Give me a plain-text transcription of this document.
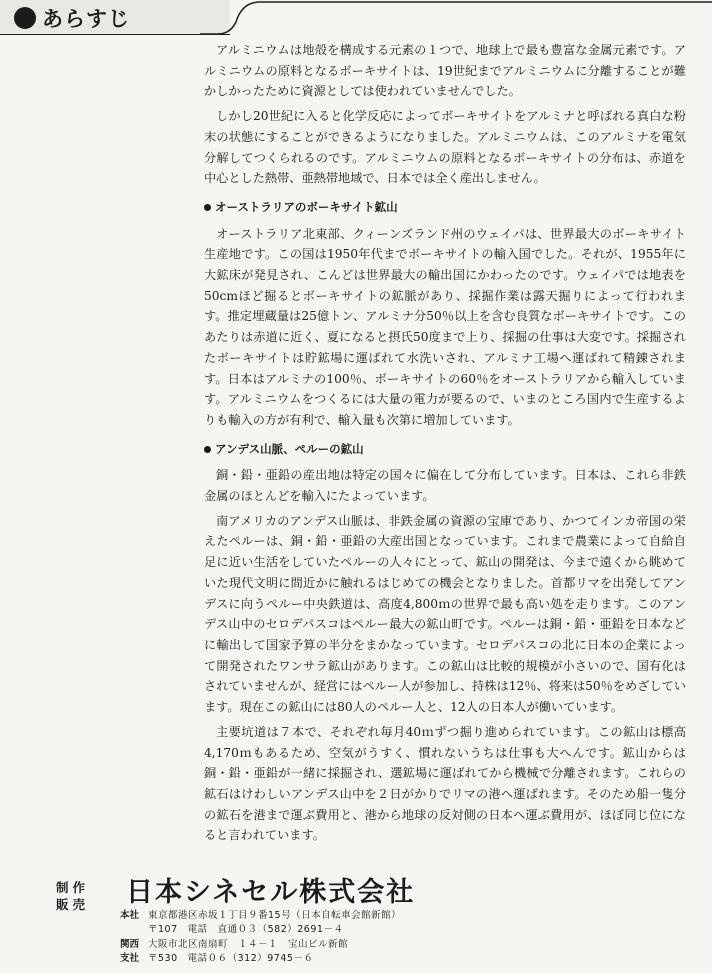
あらすじ

アルミニウムは地殻を構成する元素の１つで、地球上で最も豊富な金属元素です。アルミニウムの原料となるボーキサイトは、19世紀までアルミニウムに分離することが難かしかったために資源としては使われていませんでした。

しかし20世紀に入ると化学反応によってボーキサイトをアルミナと呼ばれる真白な粉末の状態にすることができるようになりました。アルミニウムは、このアルミナを電気分解してつくられるのです。アルミニウムの原料となるボーキサイトの分布は、赤道を中心とした熱帯、亜熱帯地域で、日本では全く産出しません。

オーストラリアのボーキサイト鉱山

オーストラリア北東部、クィーンズランド州のウェイパは、世界最大のボーキサイト生産地です。この国は1950年代までボーキサイトの輸入国でした。それが、1955年に大鉱床が発見され、こんどは世界最大の輸出国にかわったのです。ウェイパでは地表を50cmほど掘るとボーキサイトの鉱脈があり、採掘作業は露天掘りによって行われます。推定埋蔵量は25億トン、アルミナ分50％以上を含む良質なボーキサイトです。このあたりは赤道に近く、夏になると摂氏50度まで上り、採掘の仕事は大変です。採掘されたボーキサイトは貯鉱場に運ばれて水洗いされ、アルミナ工場へ運ばれて精錬されます。日本はアルミナの100％、ボーキサイトの60％をオーストラリアから輸入しています。アルミニウムをつくるには大量の電力が要るので、いまのところ国内で生産するよりも輸入の方が有利で、輸入量も次第に増加しています。

アンデス山脈、ペルーの鉱山

銅・鉛・亜鉛の産出地は特定の国々に偏在して分布しています。日本は、これら非鉄金属のほとんどを輸入にたよっています。

南アメリカのアンデス山脈は、非鉄金属の資源の宝庫であり、かつてインカ帝国の栄えたペルーは、銅・鉛・亜鉛の大産出国となっています。これまで農業によって自給自足に近い生活をしていたペルーの人々にとって、鉱山の開発は、今まで遠くから眺めていた現代文明に間近かに触れるはじめての機会となりました。首都リマを出発してアンデスに向うペルー中央鉄道は、高度4,800ｍの世界で最も高い処を走ります。このアンデス山中のセロデパスコはペルー最大の鉱山町です。ペルーは銅・鉛・亜鉛を日本などに輸出して国家予算の半分をまかなっています。セロデパスコの北に日本の企業によって開発されたワンサラ鉱山があります。この鉱山は比較的規模が小さいので、国有化はされていませんが、経営にはペルー人が参加し、持株は12％、将来は50％をめざしています。現在この鉱山には80人のペルー人と、12人の日本人が働いています。

主要坑道は７本で、それぞれ毎月40ｍずつ掘り進められています。この鉱山は標高4,170ｍもあるため、空気がうすく、慣れないうちは仕事も大へんです。鉱山からは銅・鉛・亜鉛が一緒に採掘され、選鉱場に運ばれてから機械で分離されます。これらの鉱石はけわしいアンデス山中を２日がかりでリマの港へ運ばれます。そのため船一隻分の鉱石を港まで運ぶ費用と、港から地球の反対側の日本へ運ぶ費用が、ほぼ同じ位になると言われています。

制作
販売	日本シネセル株式会社
本社 東京都港区赤坂１丁目９番15号（日本自転車会館新館）
〒107　電話　直通０３（582）2691－４
関西 大阪市北区南扇町　１４－１　宝山ビル新館
支社 〒530　電話０６（312）9745－６
